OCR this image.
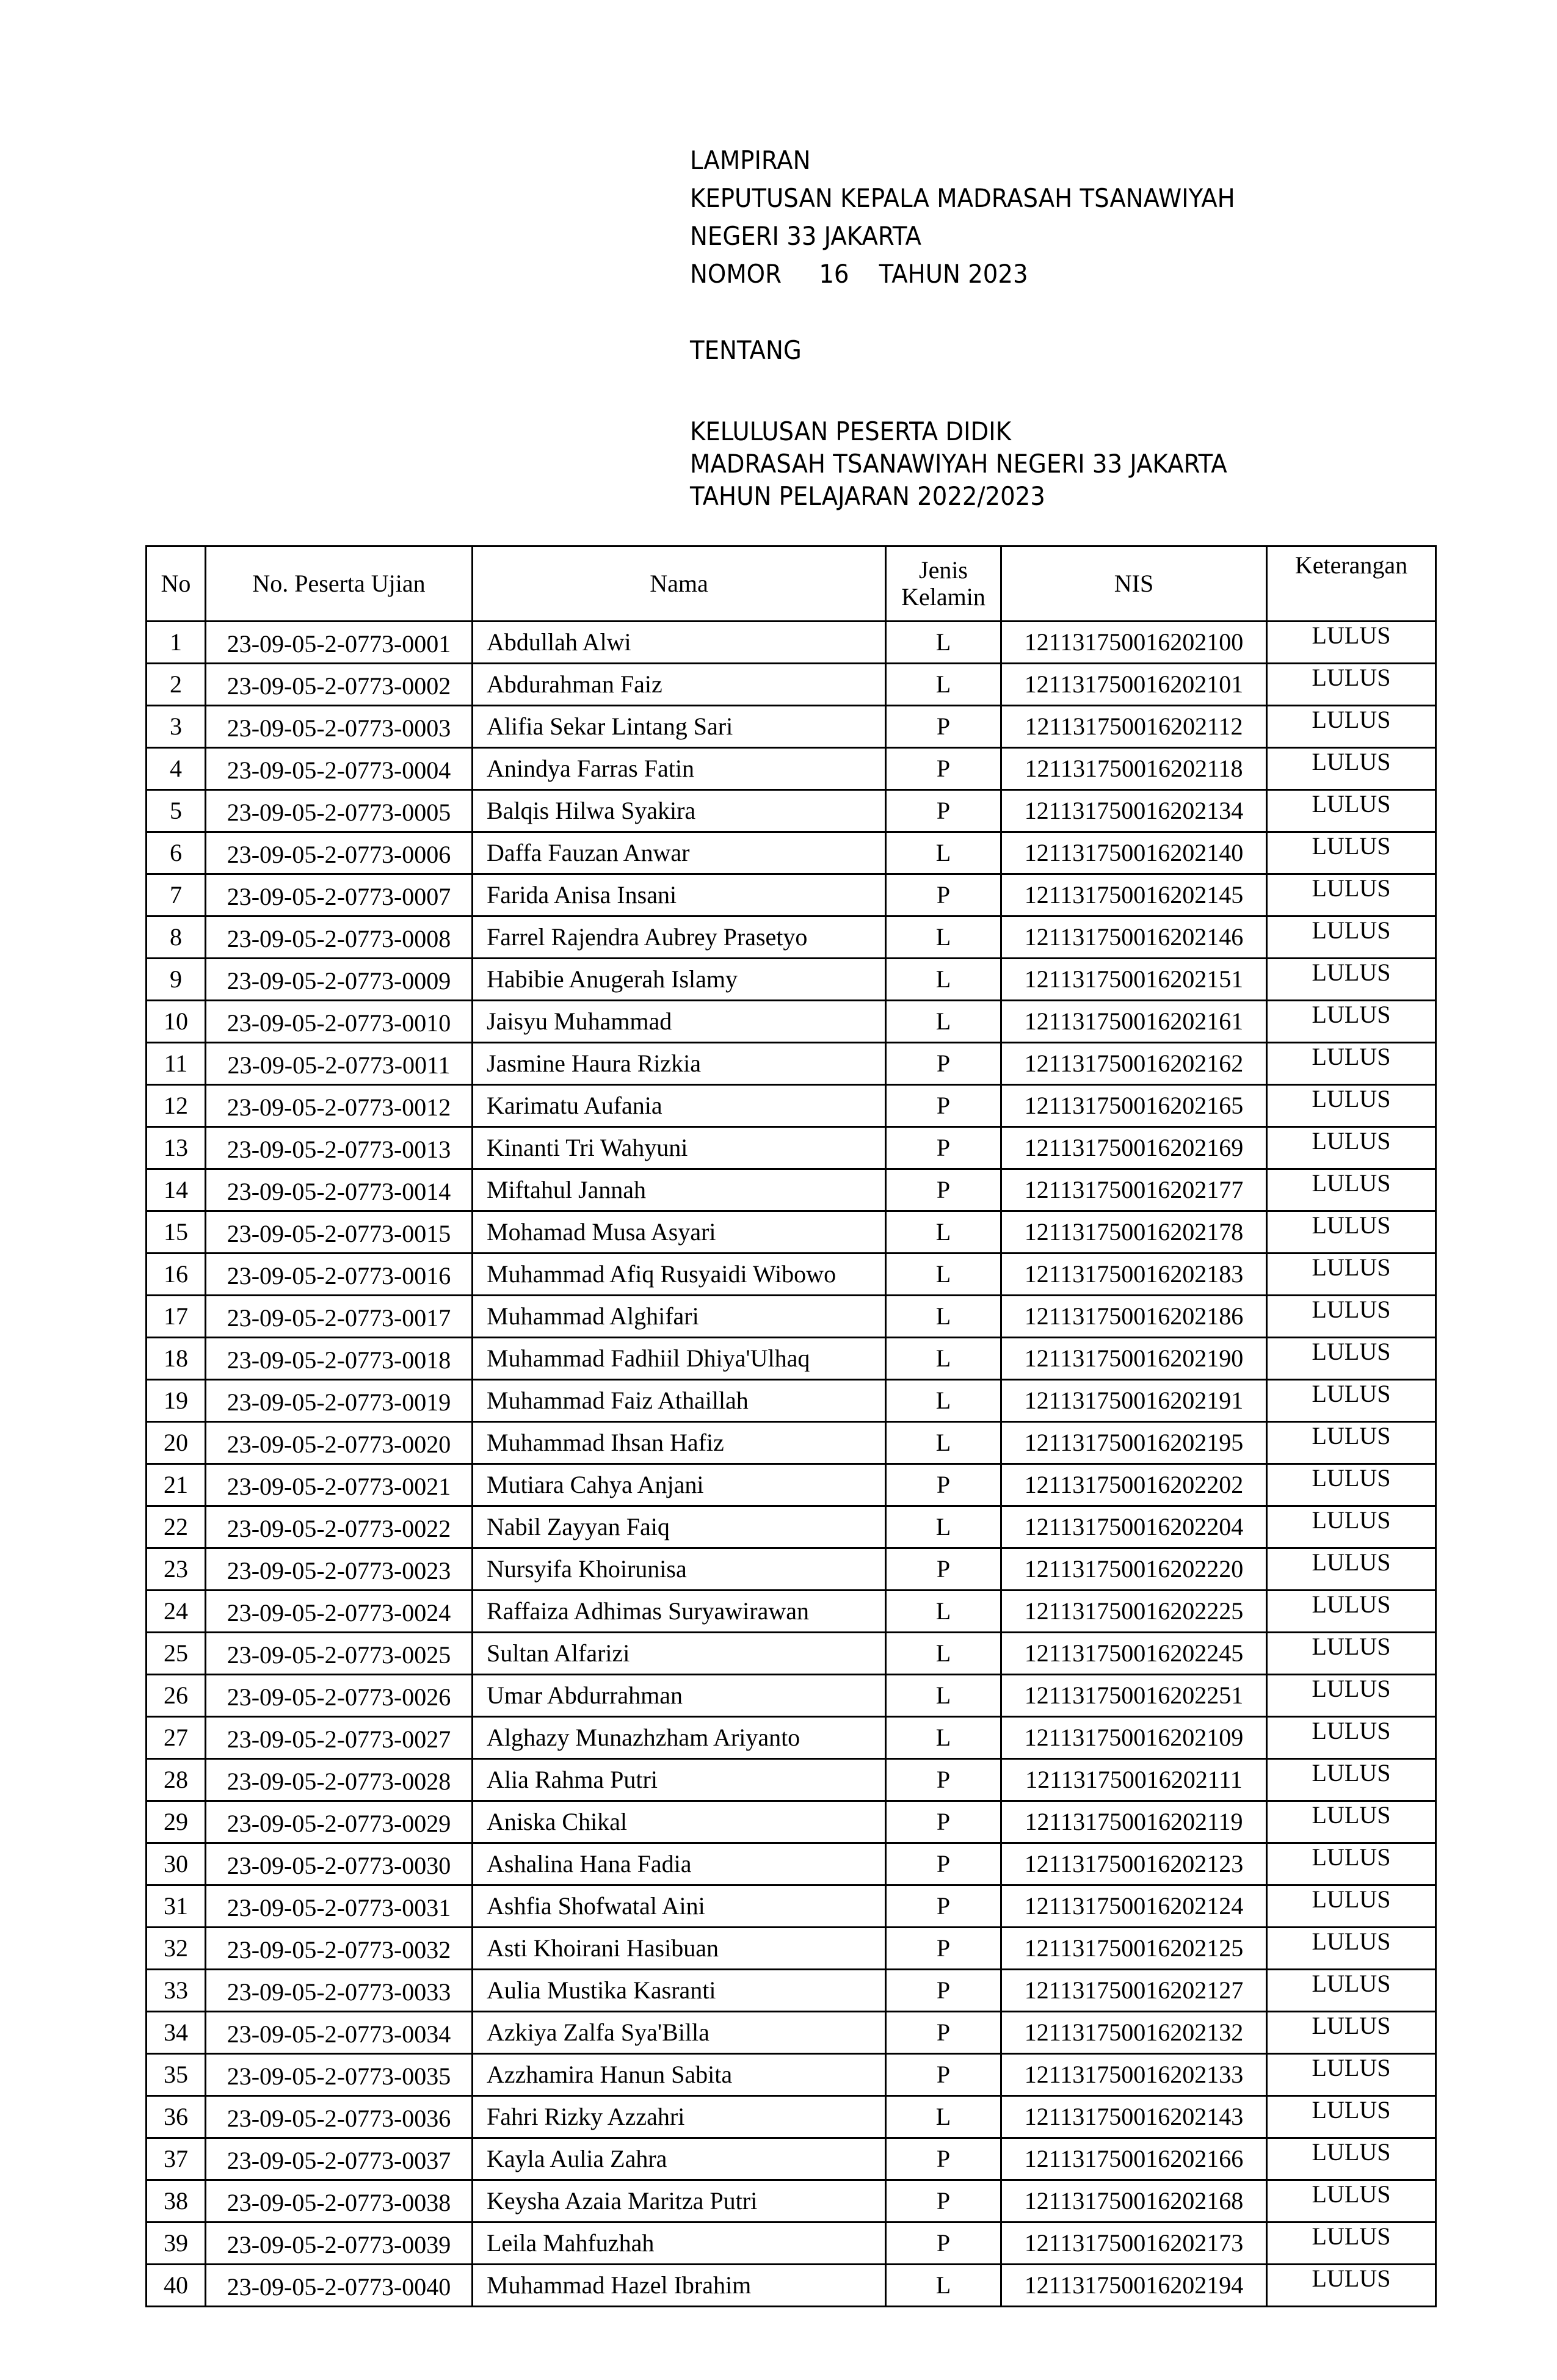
LAMPIRAN
KEPUTUSAN KEPALA MADRASAH TSANAWIYAH
NEGERI 33 JAKARTA
NOMOR     16    TAHUN 2023
TENTANG
KELULUSAN PESERTA DIDIK
MADRASAH TSANAWIYAH NEGERI 33 JAKARTA
TAHUN PELAJARAN 2022/2023
No	No. Peserta Ujian	Nama	Jenis Kelamin	NIS	Keterangan
1	23-09-05-2-0773-0001	Abdullah Alwi	L	121131750016202100	LULUS
2	23-09-05-2-0773-0002	Abdurahman Faiz	L	121131750016202101	LULUS
3	23-09-05-2-0773-0003	Alifia Sekar Lintang Sari	P	121131750016202112	LULUS
4	23-09-05-2-0773-0004	Anindya Farras Fatin	P	121131750016202118	LULUS
5	23-09-05-2-0773-0005	Balqis Hilwa Syakira	P	121131750016202134	LULUS
6	23-09-05-2-0773-0006	Daffa Fauzan Anwar	L	121131750016202140	LULUS
7	23-09-05-2-0773-0007	Farida Anisa Insani	P	121131750016202145	LULUS
8	23-09-05-2-0773-0008	Farrel Rajendra Aubrey Prasetyo	L	121131750016202146	LULUS
9	23-09-05-2-0773-0009	Habibie Anugerah Islamy	L	121131750016202151	LULUS
10	23-09-05-2-0773-0010	Jaisyu Muhammad	L	121131750016202161	LULUS
11	23-09-05-2-0773-0011	Jasmine Haura Rizkia	P	121131750016202162	LULUS
12	23-09-05-2-0773-0012	Karimatu Aufania	P	121131750016202165	LULUS
13	23-09-05-2-0773-0013	Kinanti Tri Wahyuni	P	121131750016202169	LULUS
14	23-09-05-2-0773-0014	Miftahul Jannah	P	121131750016202177	LULUS
15	23-09-05-2-0773-0015	Mohamad Musa Asyari	L	121131750016202178	LULUS
16	23-09-05-2-0773-0016	Muhammad Afiq Rusyaidi Wibowo	L	121131750016202183	LULUS
17	23-09-05-2-0773-0017	Muhammad Alghifari	L	121131750016202186	LULUS
18	23-09-05-2-0773-0018	Muhammad Fadhiil Dhiya'Ulhaq	L	121131750016202190	LULUS
19	23-09-05-2-0773-0019	Muhammad Faiz Athaillah	L	121131750016202191	LULUS
20	23-09-05-2-0773-0020	Muhammad Ihsan Hafiz	L	121131750016202195	LULUS
21	23-09-05-2-0773-0021	Mutiara Cahya Anjani	P	121131750016202202	LULUS
22	23-09-05-2-0773-0022	Nabil Zayyan Faiq	L	121131750016202204	LULUS
23	23-09-05-2-0773-0023	Nursyifa Khoirunisa	P	121131750016202220	LULUS
24	23-09-05-2-0773-0024	Raffaiza Adhimas Suryawirawan	L	121131750016202225	LULUS
25	23-09-05-2-0773-0025	Sultan Alfarizi	L	121131750016202245	LULUS
26	23-09-05-2-0773-0026	Umar Abdurrahman	L	121131750016202251	LULUS
27	23-09-05-2-0773-0027	Alghazy Munazhzham Ariyanto	L	121131750016202109	LULUS
28	23-09-05-2-0773-0028	Alia Rahma Putri	P	121131750016202111	LULUS
29	23-09-05-2-0773-0029	Aniska Chikal	P	121131750016202119	LULUS
30	23-09-05-2-0773-0030	Ashalina Hana Fadia	P	121131750016202123	LULUS
31	23-09-05-2-0773-0031	Ashfia Shofwatal Aini	P	121131750016202124	LULUS
32	23-09-05-2-0773-0032	Asti Khoirani Hasibuan	P	121131750016202125	LULUS
33	23-09-05-2-0773-0033	Aulia Mustika Kasranti	P	121131750016202127	LULUS
34	23-09-05-2-0773-0034	Azkiya Zalfa Sya'Billa	P	121131750016202132	LULUS
35	23-09-05-2-0773-0035	Azzhamira Hanun Sabita	P	121131750016202133	LULUS
36	23-09-05-2-0773-0036	Fahri Rizky Azzahri	L	121131750016202143	LULUS
37	23-09-05-2-0773-0037	Kayla Aulia Zahra	P	121131750016202166	LULUS
38	23-09-05-2-0773-0038	Keysha Azaia Maritza Putri	P	121131750016202168	LULUS
39	23-09-05-2-0773-0039	Leila Mahfuzhah	P	121131750016202173	LULUS
40	23-09-05-2-0773-0040	Muhammad Hazel Ibrahim	L	121131750016202194	LULUS
